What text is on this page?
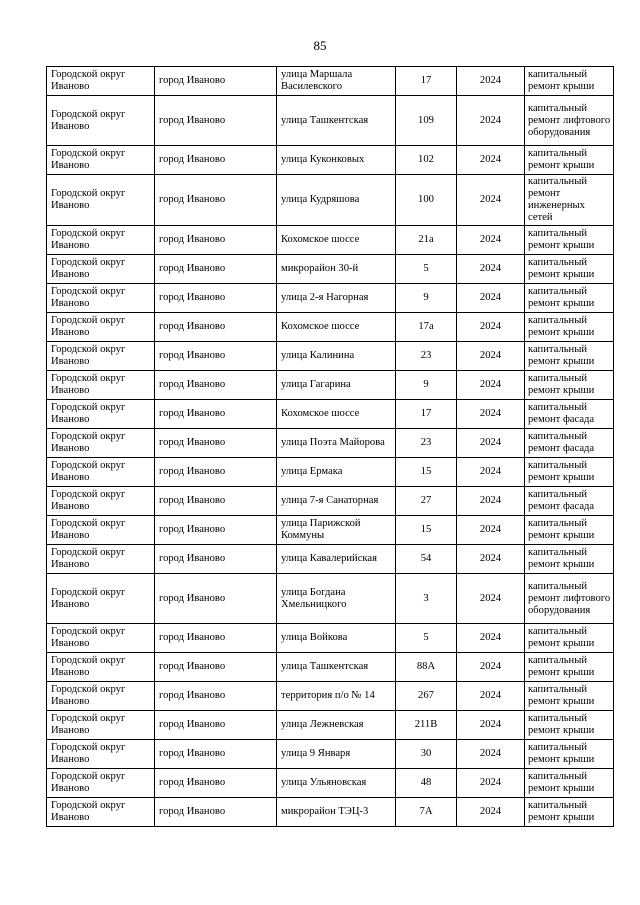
85
Городской округ Иваново	город Иваново	улица Маршала Василевского	17	2024	капитальный ремонт крыши
Городской округ Иваново	город Иваново	улица Ташкентская	109	2024	капитальный ремонт лифтового оборудования
Городской округ Иваново	город Иваново	улица Куконковых	102	2024	капитальный ремонт крыши
Городской округ Иваново	город Иваново	улица Кудряшова	100	2024	капитальный ремонт инженерных сетей
Городской округ Иваново	город Иваново	Кохомское шоссе	21а	2024	капитальный ремонт крыши
Городской округ Иваново	город Иваново	микрорайон 30-й	5	2024	капитальный ремонт крыши
Городской округ Иваново	город Иваново	улица 2-я Нагорная	9	2024	капитальный ремонт крыши
Городской округ Иваново	город Иваново	Кохомское шоссе	17а	2024	капитальный ремонт крыши
Городской округ Иваново	город Иваново	улица Калинина	23	2024	капитальный ремонт крыши
Городской округ Иваново	город Иваново	улица Гагарина	9	2024	капитальный ремонт крыши
Городской округ Иваново	город Иваново	Кохомское шоссе	17	2024	капитальный ремонт фасада
Городской округ Иваново	город Иваново	улица Поэта Майорова	23	2024	капитальный ремонт фасада
Городской округ Иваново	город Иваново	улица Ермака	15	2024	капитальный ремонт крыши
Городской округ Иваново	город Иваново	улица 7-я Санаторная	27	2024	капитальный ремонт фасада
Городской округ Иваново	город Иваново	улица Парижской Коммуны	15	2024	капитальный ремонт крыши
Городской округ Иваново	город Иваново	улица Кавалерийская	54	2024	капитальный ремонт крыши
Городской округ Иваново	город Иваново	улица Богдана Хмельницкого	3	2024	капитальный ремонт лифтового оборудования
Городской округ Иваново	город Иваново	улица Войкова	5	2024	капитальный ремонт крыши
Городской округ Иваново	город Иваново	улица Ташкентская	88А	2024	капитальный ремонт крыши
Городской округ Иваново	город Иваново	территория п/о № 14	267	2024	капитальный ремонт крыши
Городской округ Иваново	город Иваново	улица Лежневская	211В	2024	капитальный ремонт крыши
Городской округ Иваново	город Иваново	улица 9 Января	30	2024	капитальный ремонт крыши
Городской округ Иваново	город Иваново	улица Ульяновская	48	2024	капитальный ремонт крыши
Городской округ Иваново	город Иваново	микрорайон ТЭЦ-3	7А	2024	капитальный ремонт крыши
